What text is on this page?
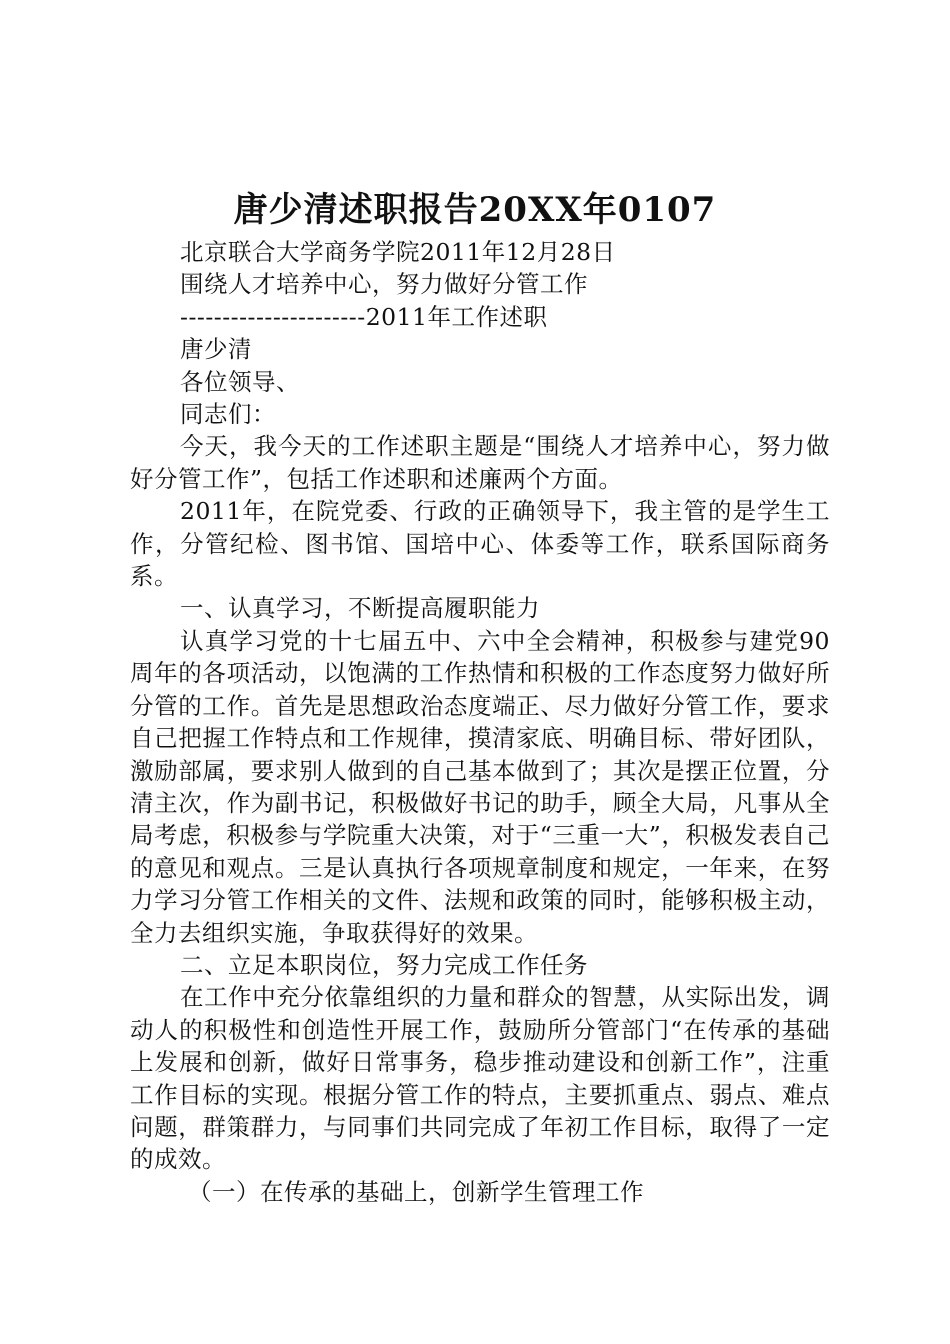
唐少清述职报告20XX年0107

北京联合大学商务学院2011年12月28日

围绕人才培养中心，努力做好分管工作

----------------------2011年工作述职

唐少清

各位领导、

同志们：

今天，我今天的工作述职主题是“围绕人才培养中心，努力做好分管工作”，包括工作述职和述廉两个方面。

2011年，在院党委、行政的正确领导下，我主管的是学生工作，分管纪检、图书馆、国培中心、体委等工作，联系国际商务系。

一、认真学习，不断提高履职能力

认真学习党的十七届五中、六中全会精神，积极参与建党90周年的各项活动，以饱满的工作热情和积极的工作态度努力做好所分管的工作。首先是思想政治态度端正、尽力做好分管工作，要求自己把握工作特点和工作规律，摸清家底、明确目标、带好团队，激励部属，要求别人做到的自己基本做到了；其次是摆正位置，分清主次，作为副书记，积极做好书记的助手，顾全大局，凡事从全局考虑，积极参与学院重大决策，对于“三重一大”，积极发表自己的意见和观点。三是认真执行各项规章制度和规定，一年来，在努力学习分管工作相关的文件、法规和政策的同时，能够积极主动，全力去组织实施，争取获得好的效果。

二、立足本职岗位，努力完成工作任务

在工作中充分依靠组织的力量和群众的智慧，从实际出发，调动人的积极性和创造性开展工作，鼓励所分管部门“在传承的基础上发展和创新，做好日常事务，稳步推动建设和创新工作”，注重工作目标的实现。根据分管工作的特点，主要抓重点、弱点、难点问题，群策群力，与同事们共同完成了年初工作目标，取得了一定的成效。

（一）在传承的基础上，创新学生管理工作
